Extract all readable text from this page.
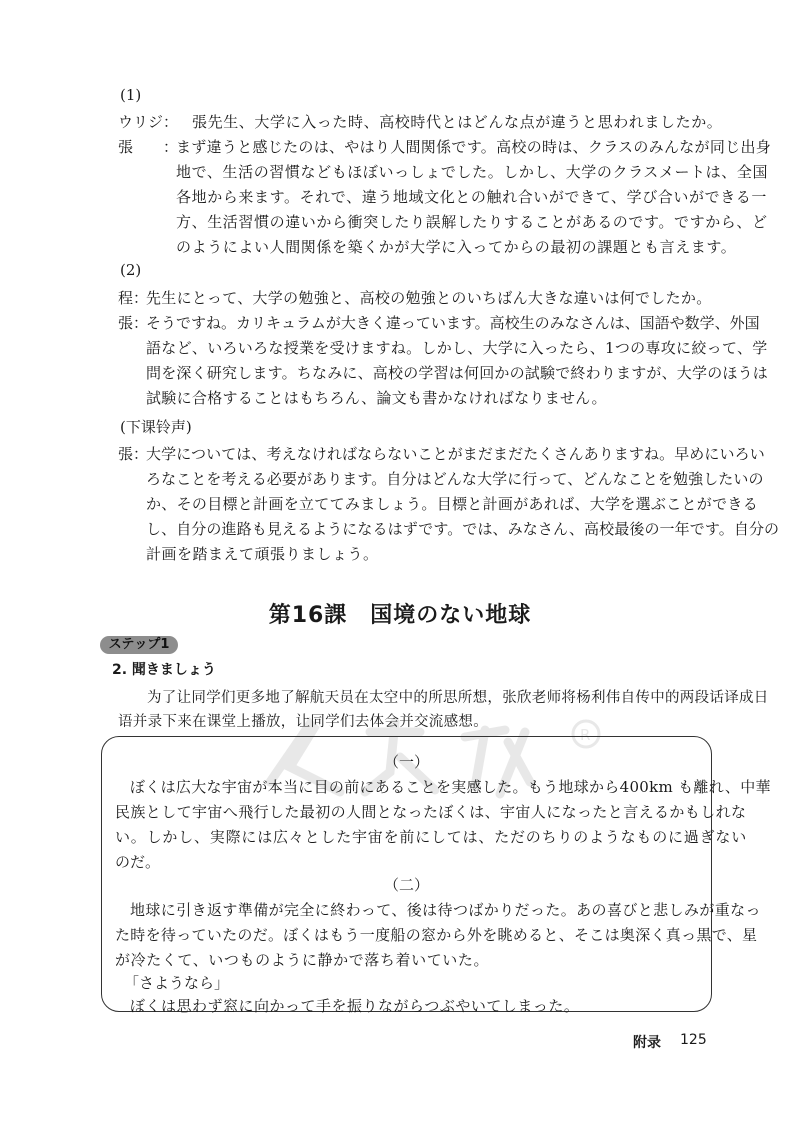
(1)
ウリジ： 張先生、大学に入った時、高校時代とはどんな点が違うと思われましたか。
張　　：
まず違うと感じたのは、やはり人間関係です。高校の時は、クラスのみんなが同じ出身
地で、生活の習慣などもほぼいっしょでした。しかし、大学のクラスメートは、全国
各地から来ます。それで、違う地域文化との触れ合いができて、学び合いができる一
方、生活習慣の違いから衝突したり誤解したりすることがあるのです。ですから、ど
のようによい人間関係を築くかが大学に入ってからの最初の課題とも言えます。
(2)
程：
先生にとって、大学の勉強と、高校の勉強とのいちばん大きな違いは何でしたか。
張：
そうですね。カリキュラムが大きく違っています。高校生のみなさんは、国語や数学、外国
語など、いろいろな授業を受けますね。しかし、大学に入ったら、1つの専攻に絞って、学
問を深く研究します。ちなみに、高校の学習は何回かの試験で終わりますが、大学のほうは
試験に合格することはもちろん、論文も書かなければなりません。
(下课铃声)
張：
大学については、考えなければならないことがまだまだたくさんありますね。早めにいろい
ろなことを考える必要があります。自分はどんな大学に行って、どんなことを勉強したいの
か、その目標と計画を立ててみましょう。目標と計画があれば、大学を選ぶことができる
し、自分の進路も見えるようになるはずです。では、みなさん、高校最後の一年です。自分の
計画を踏まえて頑張りましょう。
第16課　国境のない地球
ステップ1
2. 聞きましょう
为了让同学们更多地了解航天员在太空中的所思所想，张欣老师将杨利伟自传中的两段话译成日
语并录下来在课堂上播放，让同学们去体会并交流感想。
R
（一）
ぼくは広大な宇宙が本当に目の前にあることを実感した。もう地球から400km も離れ、中華
民族として宇宙へ飛行した最初の人間となったぼくは、宇宙人になったと言えるかもしれな
い。しかし、実際には広々とした宇宙を前にしては、ただのちりのようなものに過ぎない
のだ。
（二）
地球に引き返す準備が完全に終わって、後は待つばかりだった。あの喜びと悲しみが重なっ
た時を待っていたのだ。ぼくはもう一度船の窓から外を眺めると、そこは奥深く真っ黒で、星
が冷たくて、いつものように静かで落ち着いていた。
「さようなら」
ぼくは思わず窓に向かって手を振りながらつぶやいてしまった。
附录 125
